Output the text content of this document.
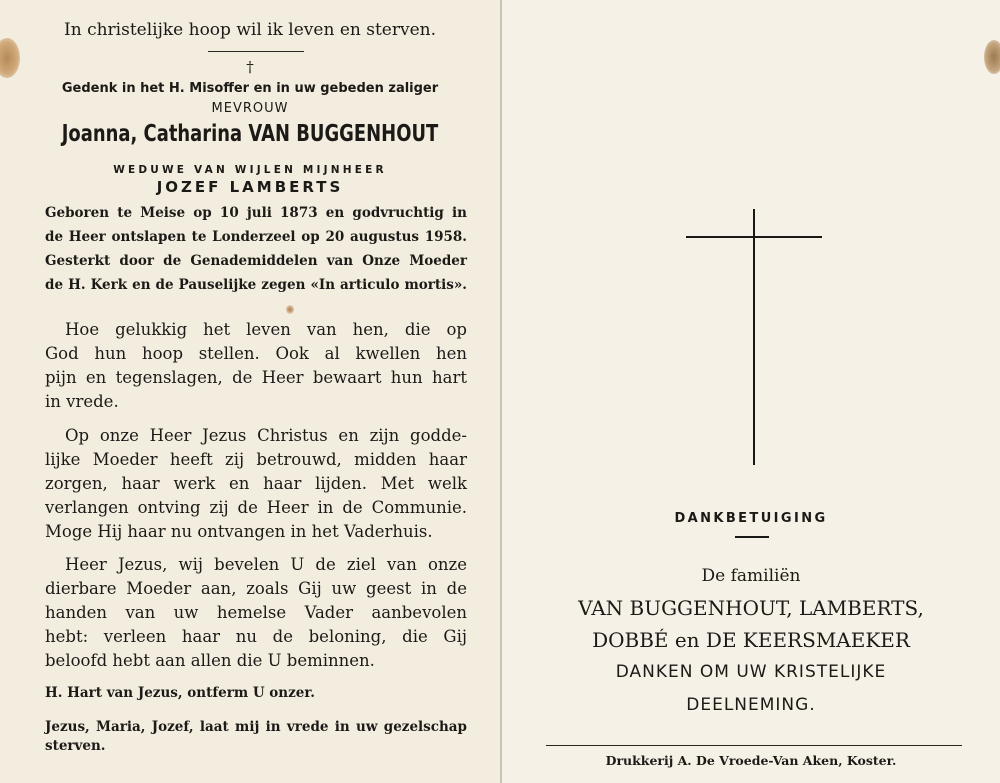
In christelijke hoop wil ik leven en sterven.
†
Gedenk in het H. Misoffer en in uw gebeden zaliger
MEVROUW
Joanna, Catharina VAN BUGGENHOUT
WEDUWE VAN WIJLEN MIJNHEER
JOZEF LAMBERTS
Geboren te Meise op 10 juli 1873 en godvruchtig in
de Heer ontslapen te Londerzeel op 20 augustus 1958.
Gesterkt door de Genademiddelen van Onze Moeder
de H. Kerk en de Pauselijke zegen «In articulo mortis».
Hoe gelukkig het leven van hen, die op
God hun hoop stellen. Ook al kwellen hen
pijn en tegenslagen, de Heer bewaart hun hart
in vrede.
Op onze Heer Jezus Christus en zijn godde-
lijke Moeder heeft zij betrouwd, midden haar
zorgen, haar werk en haar lijden. Met welk
verlangen ontving zij de Heer in de Communie.
Moge Hij haar nu ontvangen in het Vaderhuis.
Heer Jezus, wij bevelen U de ziel van onze
dierbare Moeder aan, zoals Gij uw geest in de
handen van uw hemelse Vader aanbevolen
hebt: verleen haar nu de beloning, die Gij
beloofd hebt aan allen die U beminnen.
H. Hart van Jezus, ontferm U onzer.
Jezus, Maria, Jozef, laat mij in vrede in uw gezelschap
sterven.
DANKBETUIGING
De familiën
VAN BUGGENHOUT, LAMBERTS,
DOBBÉ en DE KEERSMAEKER
DANKEN OM UW KRISTELIJKE
DEELNEMING.
Drukkerij A. De Vroede-Van Aken, Koster.
